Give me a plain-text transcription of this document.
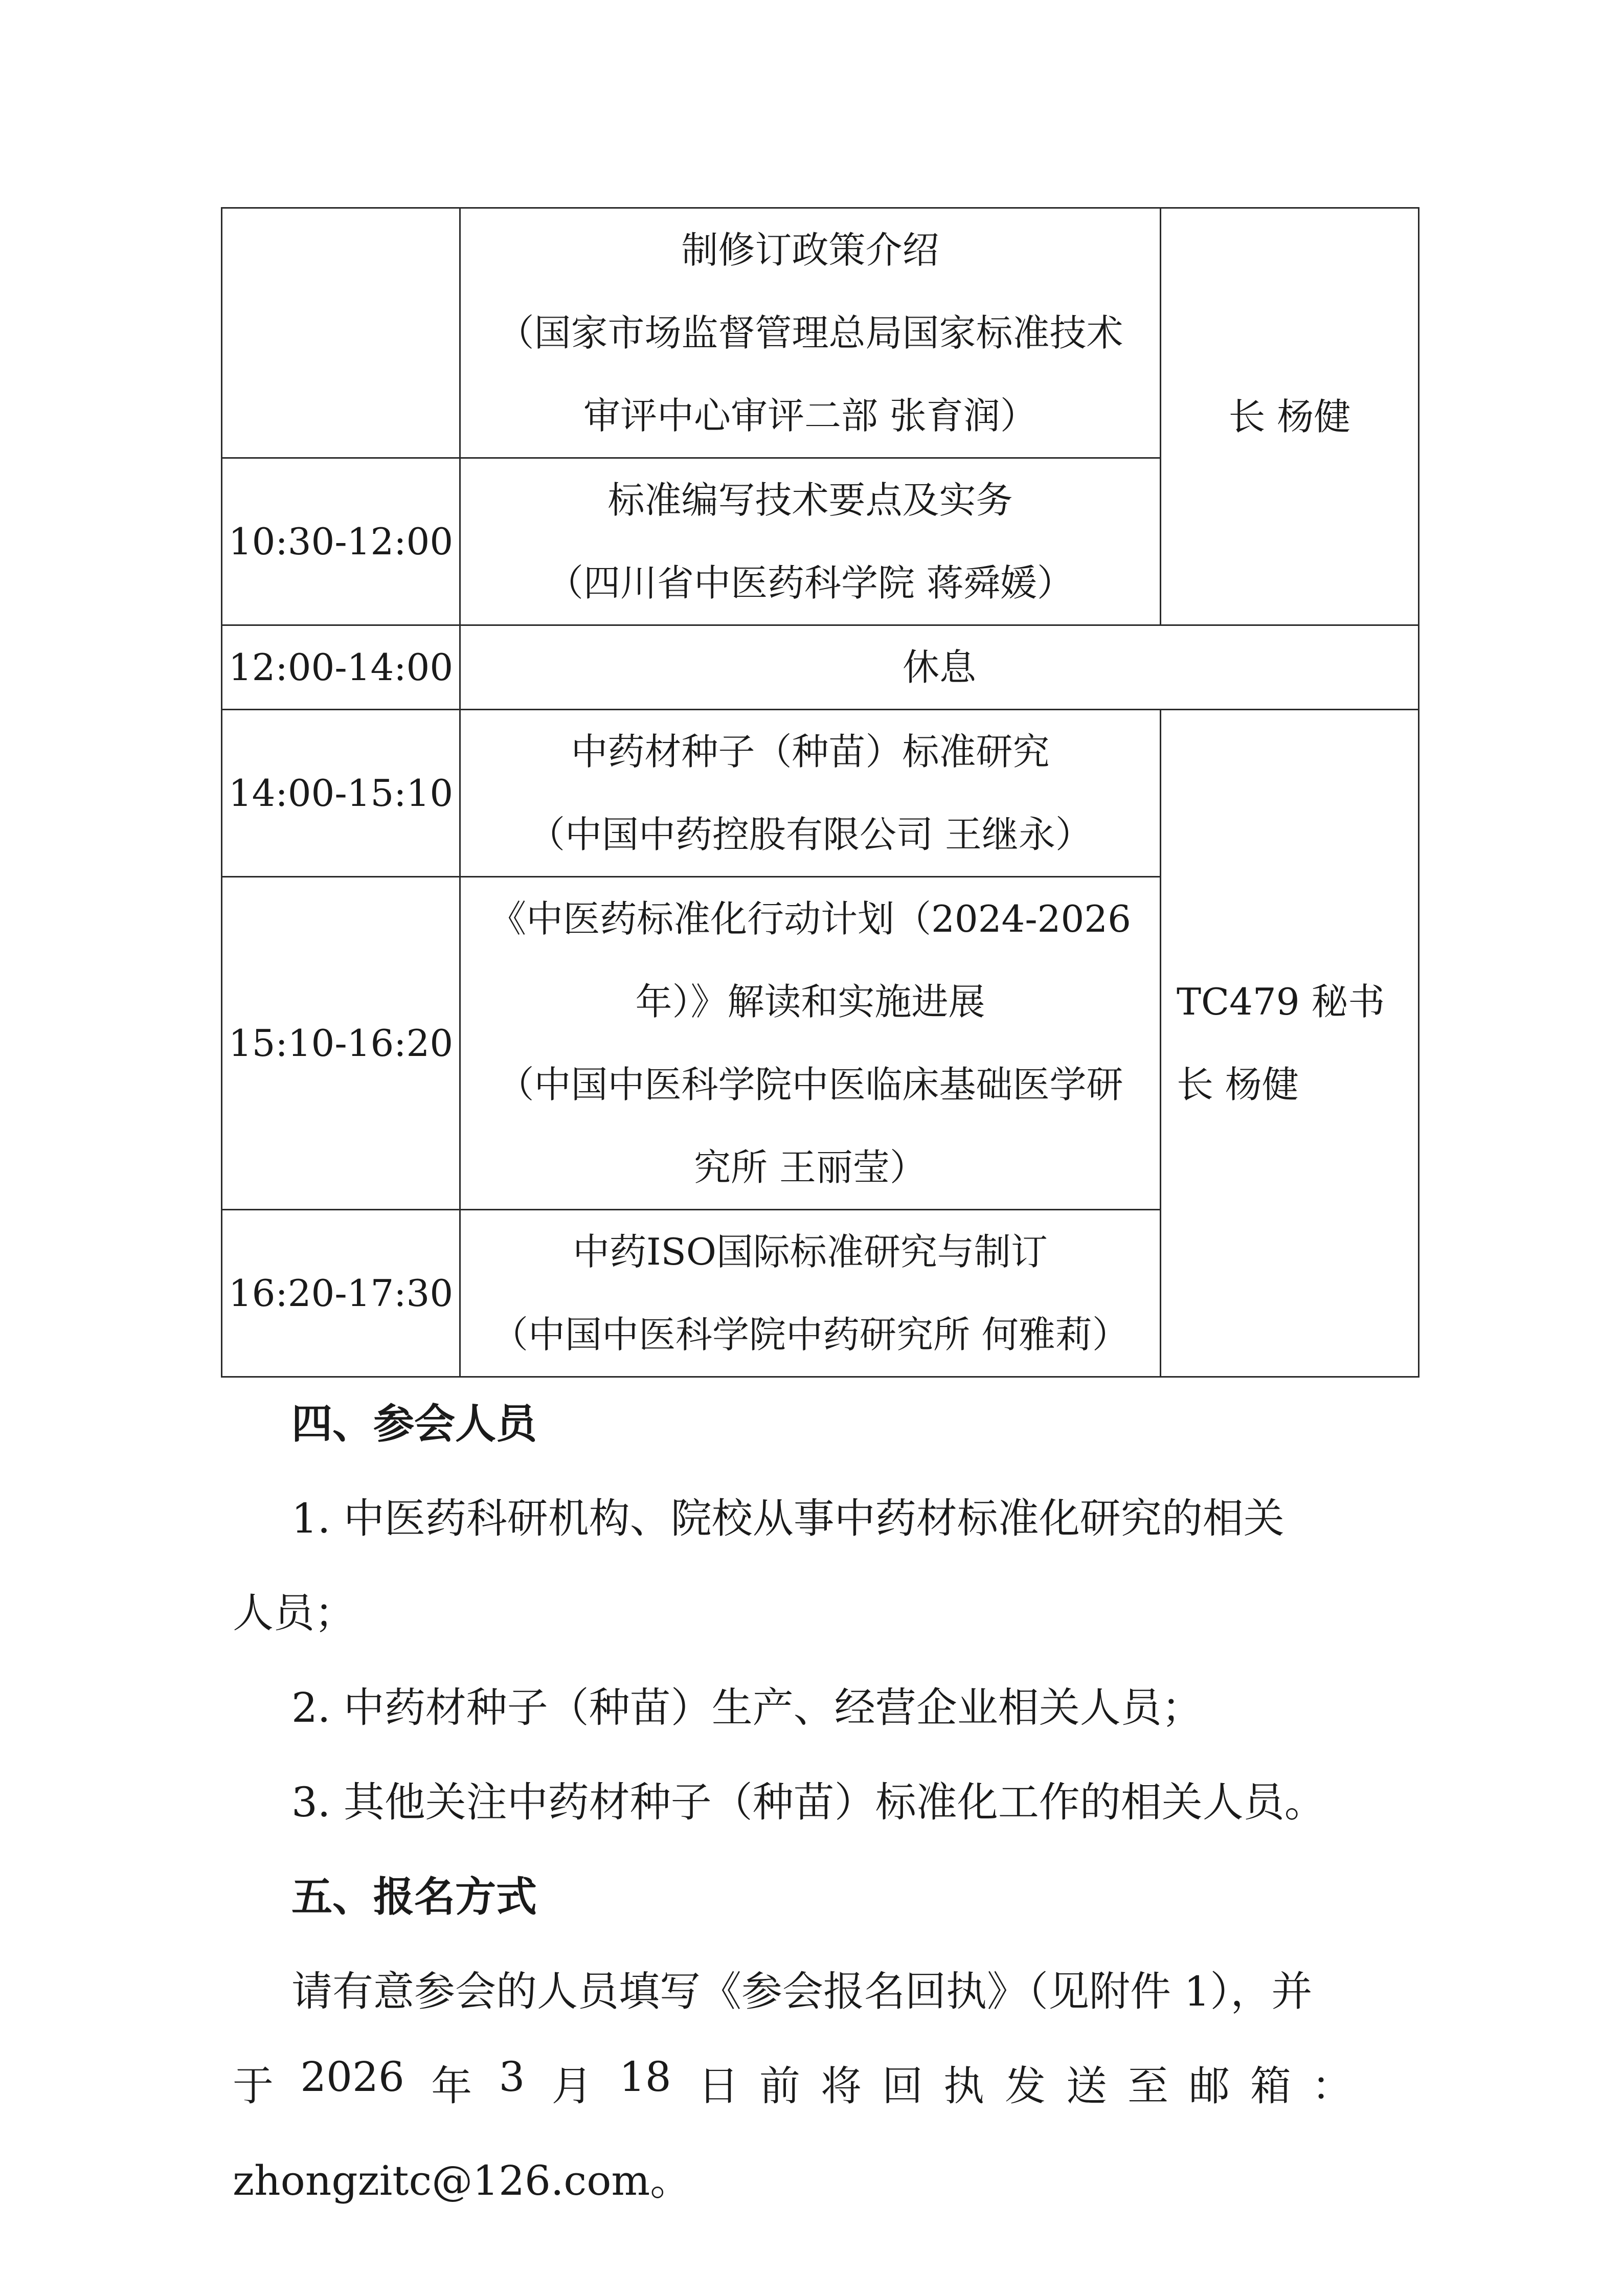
	制修订政策介绍
（国家市场监督管理总局国家标准技术
审评中心审评二部 张育润）	长 杨健

10:30-12:00	标准编写技术要点及实务
（四川省中医药科学院 蒋舜媛）	

12:00-14:00	休息	
14:00-15:10	中药材种子（种苗）标准研究
（中国中药控股有限公司 王继永）	TC479 秘书
长 杨健

15:10-16:20	《中医药标准化行动计划（2024-2026
年）》解读和实施进展
（中国中医科学院中医临床基础医学研
究所 王丽莹）	

16:20-17:30	中药ISO国际标准研究与制订
（中国中医科学院中药研究所 何雅莉）	
四、参会人员
1. 中医药科研机构、院校从事中药材标准化研究的相关
人员；
2. 中药材种子（种苗）生产、经营企业相关人员；
3. 其他关注中药材种子（种苗）标准化工作的相关人员。
五、报名方式
请有意参会的人员填写《参会报名回执》（见附件 1），并
于 2026 年 3 月 18 日前将回执发送至邮箱：
zhongzitc@126.com。
